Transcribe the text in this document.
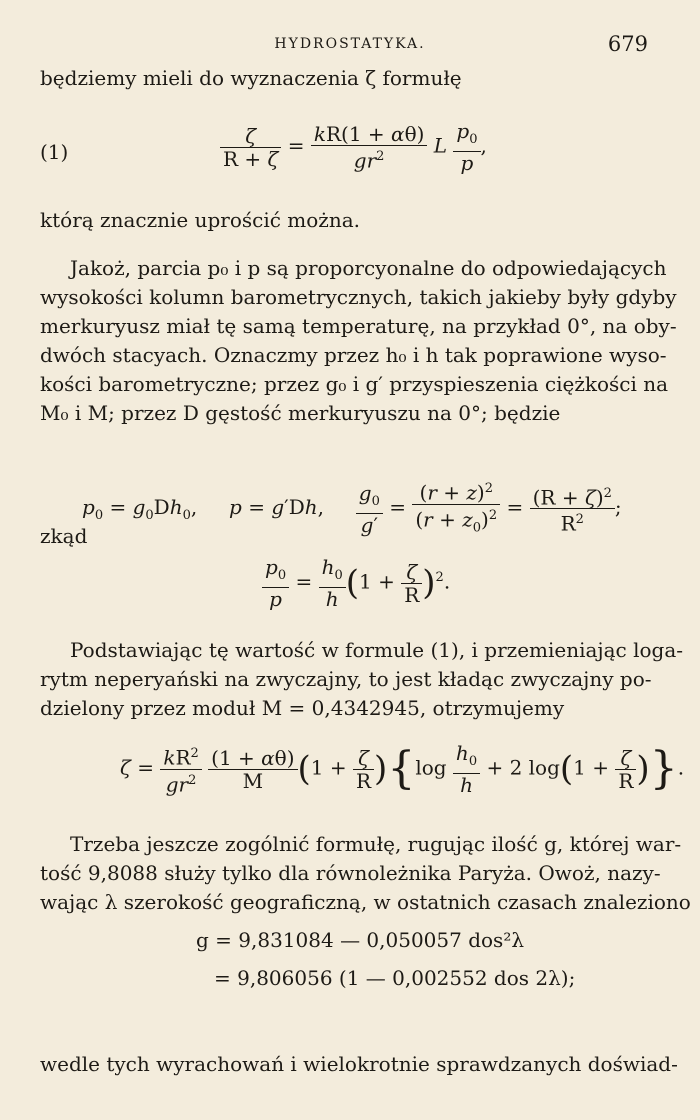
HYDROSTATYKA.	679
będziemy mieli do wyznaczenia ζ formułę
(1)	$\frac{\zeta}{R + \zeta} = \frac{kR(1 + \alpha\theta)}{gr^2}$ L $\frac{p_0}{p}$ ,
którą znacznie uprościć można.
Jakoż, parcia p₀ i p są proporcyonalne do odpowiedających
wysokości kolumn barometrycznych, takich jakieby były gdyby
merkuryusz miał tę samą temperaturę, na przykład 0°, na oby-
dwóch stacyach. Oznaczmy przez h₀ i h tak poprawione wyso-
kości barometryczne; przez g₀ i g′ przyspieszenia ciężkości na
M₀ i M; przez D gęstość merkuryuszu na 0°; będzie
$p_0 = g_0Dh_0$,     p = g′Dh, $\frac{g_0}{g'} = \frac{(r + z)^2}{(r + z_0)^2} = \frac{(R + \zeta)^2}{R^2}$ ;
zkąd
$\frac{p_0}{p} = \frac{h_0}{h} (1 + \frac{\zeta}{R} )^2$.
Podstawiając tę wartość w formule (1), i przemieniając loga-
rytm neperyański na zwyczajny, to jest kładąc zwyczajny po-
dzielony przez moduł M = 0,4342945, otrzymujemy
$\zeta = \frac{kR^2}{gr^2}$
$\frac{(1 + \alpha\theta)}{M} (1 + \frac{\zeta}{R} )\{\log \frac{h_0}{h} + 2$ $\log(1 + \frac{\zeta}{R}$ )}.
Trzeba jeszcze zogólnić formułę, rugując ilość g, której war-
tość 9,8088 służy tylko dla równoleżnika Paryża. Owoż, nazy-
wając λ szerokość geograficzną, w ostatnich czasach znaleziono
g = 9,831084 — 0,050057 dos²λ
= 9,806056 (1 — 0,002552 dos 2λ);
wedle tych wyrachowań i wielokrotnie sprawdzanych doświad-
